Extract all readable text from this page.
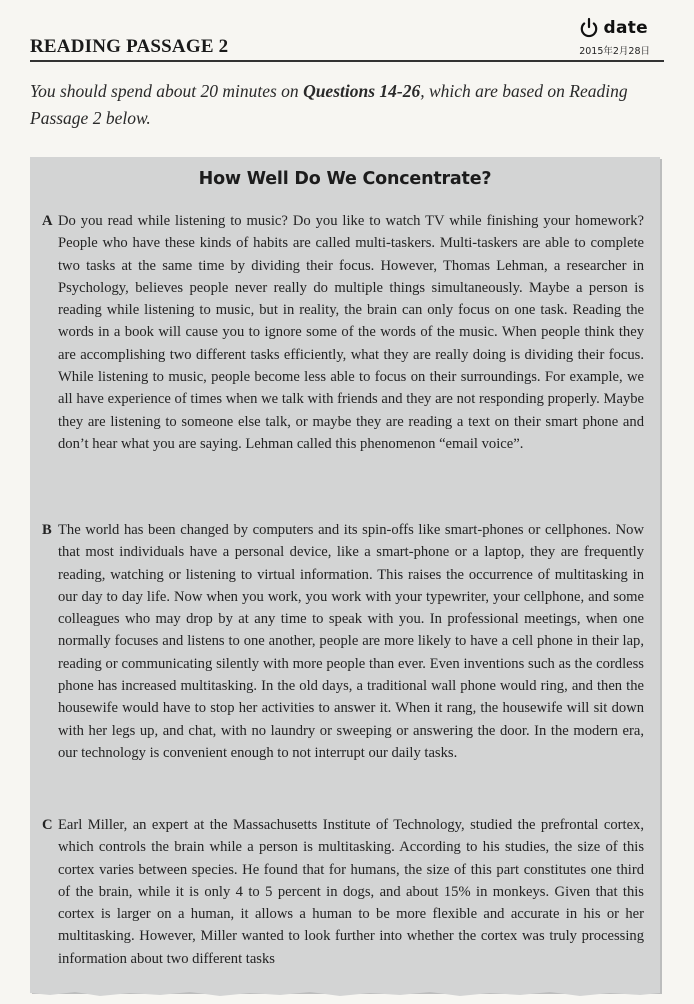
READING PASSAGE 2
date
2015年2月28日
You should spend about 20 minutes on Questions 14-26, which are based on Reading Passage 2 below.
How Well Do We Concentrate?
A Do you read while listening to music? Do you like to watch TV while finishing your homework? People who have these kinds of habits are called multi-taskers. Multi-taskers are able to complete two tasks at the same time by dividing their focus. However, Thomas Lehman, a researcher in Psychology, believes people never really do multiple things simultaneously. Maybe a person is reading while listening to music, but in reality, the brain can only focus on one task. Reading the words in a book will cause you to ignore some of the words of the music. When people think they are accomplishing two different tasks efficiently, what they are really doing is dividing their focus. While listening to music, people become less able to focus on their surroundings. For example, we all have experience of times when we talk with friends and they are not responding properly. Maybe they are listening to someone else talk, or maybe they are reading a text on their smart phone and don’t hear what you are saying. Lehman called this phenomenon “email voice”.
B The world has been changed by computers and its spin-offs like smart-phones or cellphones. Now that most individuals have a personal device, like a smart-phone or a laptop, they are frequently reading, watching or listening to virtual information. This raises the occurrence of multitasking in our day to day life. Now when you work, you work with your typewriter, your cellphone, and some colleagues who may drop by at any time to speak with you. In professional meetings, when one normally focuses and listens to one another, people are more likely to have a cell phone in their lap, reading or communicating silently with more people than ever. Even inventions such as the cordless phone has increased multitasking. In the old days, a traditional wall phone would ring, and then the housewife would have to stop her activities to answer it. When it rang, the housewife will sit down with her legs up, and chat, with no laundry or sweeping or answering the door. In the modern era, our technology is convenient enough to not interrupt our daily tasks.
C Earl Miller, an expert at the Massachusetts Institute of Technology, studied the prefrontal cortex, which controls the brain while a person is multitasking. According to his studies, the size of this cortex varies between species. He found that for humans, the size of this part constitutes one third of the brain, while it is only 4 to 5 percent in dogs, and about 15% in monkeys. Given that this cortex is larger on a human, it allows a human to be more flexible and accurate in his or her multitasking. However, Miller wanted to look further into whether the cortex was truly processing information about two different tasks
